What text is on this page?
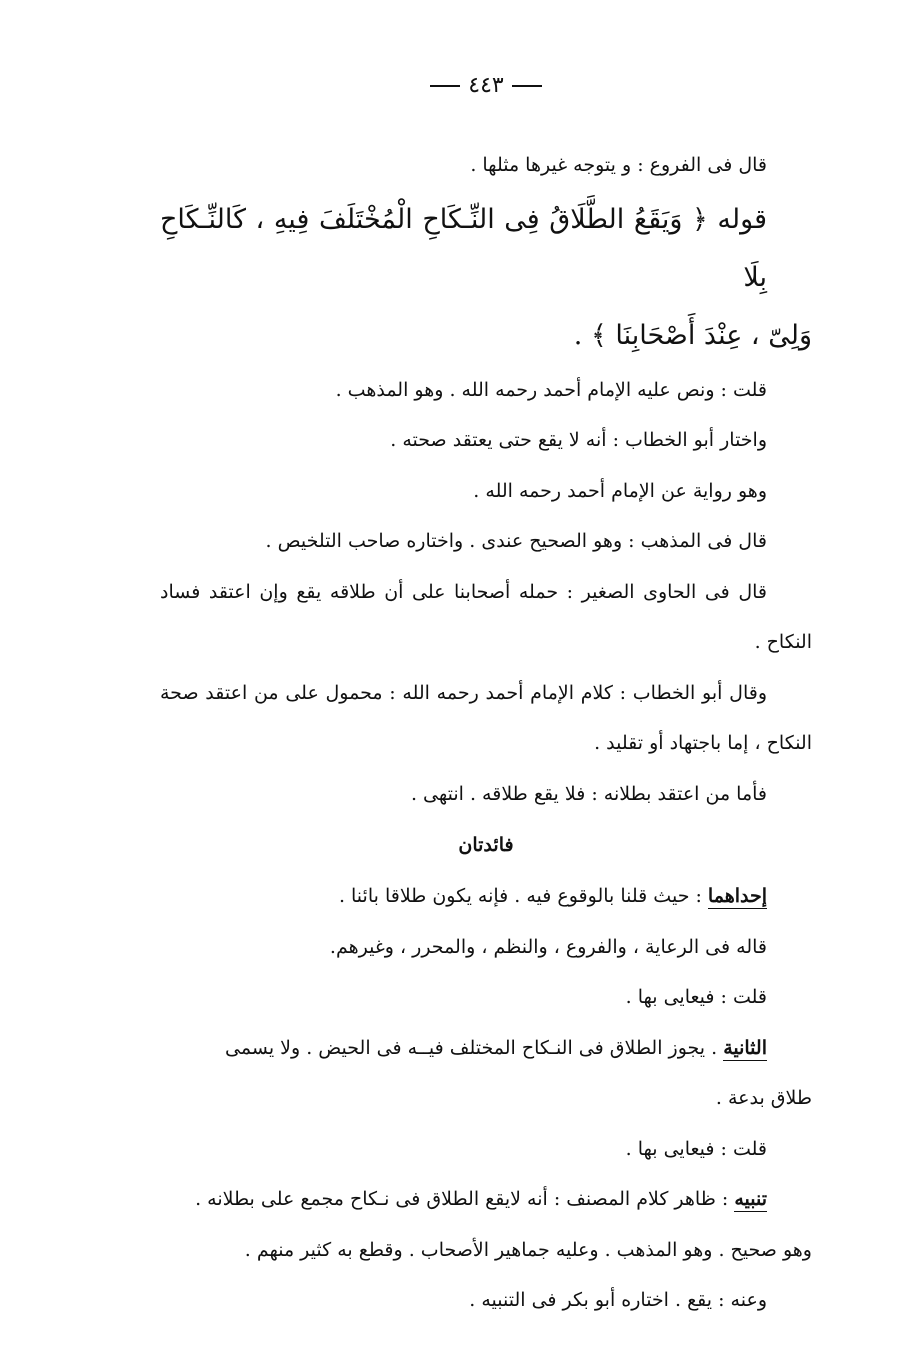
٤٤٣
قال فى الفروع : و يتوجه غيرها مثلها .
قوله ﴿ وَيَقَعُ الطَّلَاقُ فِى النِّـكَاحِ الْمُخْتَلَفَ فِيهِ ، كَالنِّـكَاحِ بِلَا
وَلِىّ ، عِنْدَ أَصْحَابِنَا ﴾ .
قلت : ونص عليه الإمام أحمد رحمه الله . وهو المذهب .
واختار أبو الخطاب : أنه لا يقع حتى يعتقد صحته .
وهو رواية عن الإمام أحمد رحمه الله .
قال فى المذهب : وهو الصحيح عندى . واختاره صاحب التلخيص .
قال فى الحاوى الصغير : حمله أصحابنا على أن طلاقه يقع وإن اعتقد فساد
النكاح .
وقال أبو الخطاب : كلام الإمام أحمد رحمه الله : محمول على من اعتقد صحة
النكاح ، إما باجتهاد أو تقليد .
فأما من اعتقد بطلانه : فلا يقع طلاقه . انتهى .
فائدتان
إحداهما : حيث قلنا بالوقوع فيه . فإنه يكون طلاقا بائنا .
قاله فى الرعاية ، والفروع ، والنظم ، والمحرر ، وغيرهم.
قلت : فيعايى بها .
الثانية . يجوز الطلاق فى النـكاح المختلف فيــه فى الحيض . ولا يسمى
طلاق بدعة .
قلت : فيعايى بها .
تنبيه : ظاهر كلام المصنف : أنه لايقع الطلاق فى نـكاح مجمع على بطلانه .
وهو صحيح . وهو المذهب . وعليه جماهير الأصحاب . وقطع به كثير منهم .
وعنه : يقع . اختاره أبو بكر فى التنبيه .
